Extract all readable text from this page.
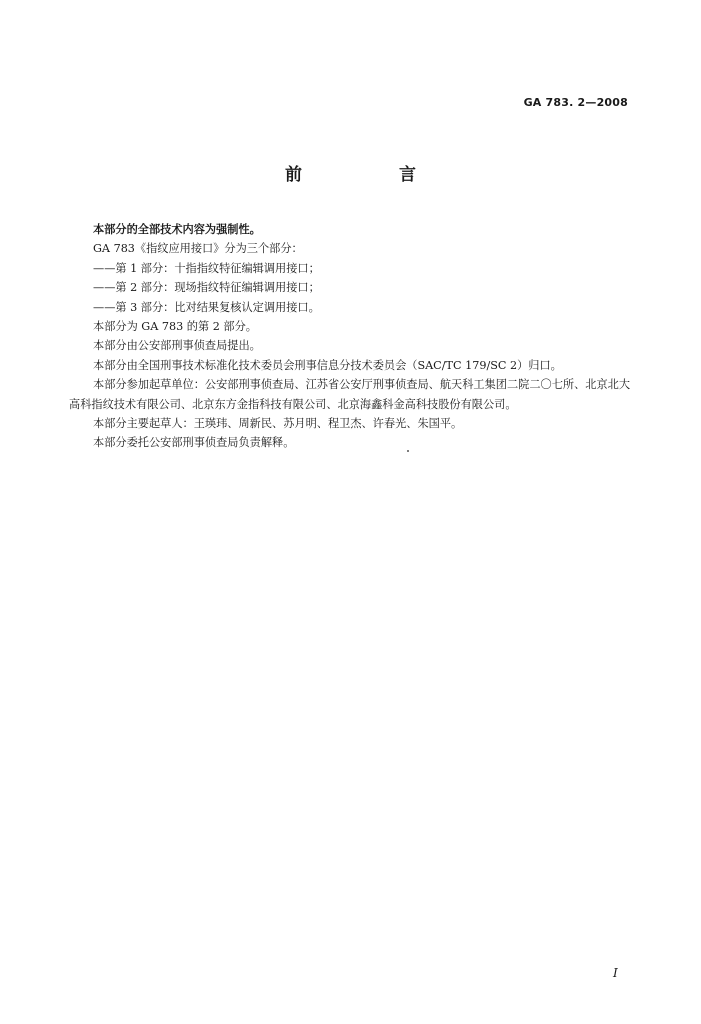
GA 783. 2—2008
前　言

本部分的全部技术内容为强制性。

GA 783《指纹应用接口》分为三个部分：

——第 1 部分：十指指纹特征编辑调用接口；

——第 2 部分：现场指纹特征编辑调用接口；

——第 3 部分：比对结果复核认定调用接口。

本部分为 GA 783 的第 2 部分。

本部分由公安部刑事侦查局提出。

本部分由全国刑事技术标准化技术委员会刑事信息分技术委员会（SAC/TC 179/SC 2）归口。

本部分参加起草单位：公安部刑事侦查局、江苏省公安厅刑事侦查局、航天科工集团二院二〇七所、北京北大高科指纹技术有限公司、北京东方金指科技有限公司、北京海鑫科金高科技股份有限公司。

本部分主要起草人：王瑛玮、周新民、苏月明、程卫杰、许春光、朱国平。

本部分委托公安部刑事侦查局负责解释。

I
